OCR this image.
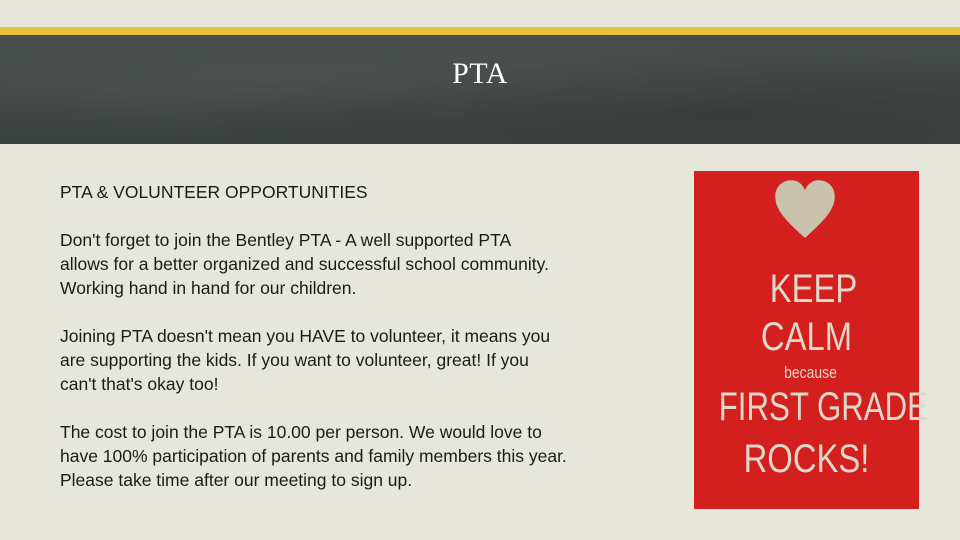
PTA

PTA & VOLUNTEER OPPORTUNITIES

Don't forget to join the Bentley PTA - A well supported PTA
allows for a better organized and successful school community.
Working hand in hand for our children.

Joining PTA doesn't mean you HAVE to volunteer, it means you
are supporting the kids. If you want to volunteer, great! If you
can't that's okay too!

The cost to join the PTA is 10.00 per person. We would love to
have 100% participation of parents and family members this year.
Please take time after our meeting to sign up.

KEEP
CALM
because
FIRST GRADE
ROCKS!
